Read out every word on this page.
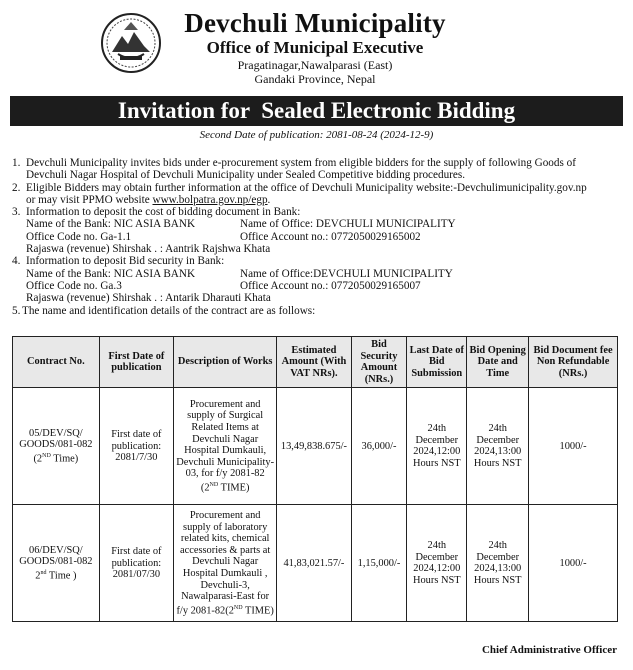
Devchuli Municipality
Office of Municipal Executive
Pragatinagar,Nawalparasi (East)
Gandaki Province, Nepal
Invitation for  Sealed Electronic Bidding
Second Date of publication: 2081-08-24 (2024-12-9)
1. Devchuli Municipality invites bids under e-procurement system from eligible bidders for the supply of following Goods of

Devchuli Nagar Hospital of Devchuli Municipality under Sealed Competitive bidding procedures.

2. Eligible Bidders may obtain further information at the office of Devchuli Municipality website:-Devchulimunicipality.gov.np

or may visit PPMO website www.bolpatra.gov.np/egp.

3. Information to deposit the cost of bidding document in Bank:

Name of the Bank: NIC ASIA BANK	Name of Office: DEVCHULI MUNICIPALITY
Office Code no. Ga-1.1	Office Account no.: 0772050029165002

Rajaswa (revenue) Shirshak . : Aantrik Rajshwa Khata

4. Information to deposit Bid security in Bank:

Name of the Bank: NIC ASIA BANK	Name of Office:DEVCHULI MUNICIPALITY
Office Code no. Ga.3	Office Account no.: 0772050029165007

Rajaswa (revenue) Shirshak . : Antarik Dharauti Khata

5. The name and identification details of the contract are as follows:

Contract No.	First Date of publication	Description of Works	Estimated Amount (With VAT NRs).	Bid Security Amount (NRs.)	Last Date of Bid Submission	Bid Opening Date and Time	Bid Document fee Non Refundable (NRs.)
05/DEV/SQ/
GOODS/081-082
(2ND Time)	First date of publication: 2081/7/30	Procurement and supply of Surgical Related Items at Devchuli Nagar Hospital Dumkauli, Devchuli Municipality-03, for f/y 2081-82 (2ND TIME)	13,49,838.675/-	36,000/-	24th December 2024,12:00 Hours NST	24th December 2024,13:00 Hours NST	1000/-
06/DEV/SQ/
GOODS/081-082
2nd Time )	First date of publication: 2081/07/30	Procurement and supply of laboratory related kits, chemical accessories & parts at Devchuli Nagar Hospital Dumkauli , Devchuli-3, Nawalparasi-East for f/y 2081-82(2ND TIME)	41,83,021.57/-	1,15,000/-	24th December 2024,12:00 Hours NST	24th December 2024,13:00 Hours NST	1000/-
Chief Administrative Officer
